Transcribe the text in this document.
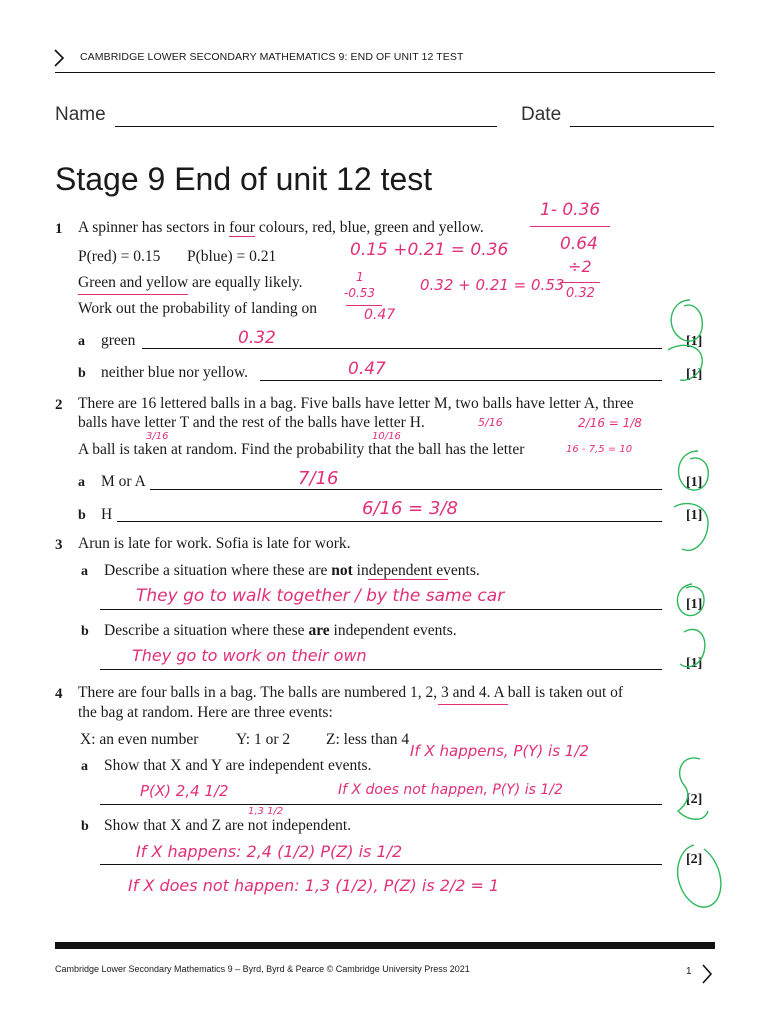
CAMBRIDGE LOWER SECONDARY MATHEMATICS 9: END OF UNIT 12 TEST
Name	Date
Stage 9 End of unit 12 test
1 A spinner has sectors in four colours, red, blue, green and yellow.
P(red) = 0.15 P(blue) = 0.21
Green and yellow are equally likely.
Work out the probability of landing on
a green	0.32	[1]
b neither blue nor yellow.	0.47	[1]
1- 0.36
0.15 +0.21 = 0.36	0.64
÷2
0.32
0.32 + 0.21 = 0.53
1
-0.53
0.47
2 There are 16 lettered balls in a bag. Five balls have letter M, two balls have letter A, three
balls have letter T and the rest of the balls have letter H.
A ball is taken at random. Find the probability that the ball has the letter
a M or A	7/16	[1]
b H	6/16 = 3/8	[1]
5/16	2/16 = 1/8
3/16	10/16
16 - 7,5 = 10
3 Arun is late for work. Sofia is late for work.
a Describe a situation where these are not independent events.
They go to walk together / by the same car	[1]
b Describe a situation where these are independent events.
They go to work on their own	[1]
4 There are four balls in a bag. The balls are numbered 1, 2, 3 and 4. A ball is taken out of
the bag at random. Here are three events:
X: an even number Y: 1 or 2 Z: less than 4
a Show that X and Y are independent events.
If X happens, P(Y) is 1/2
P(X) 2,4 1/2	If X does not happen, P(Y) is 1/2
1,3 1/2
[2]
b Show that X and Z are not independent.
If X happens: 2,4 (1/2) P(Z) is 1/2
If X does not happen: 1,3 (1/2), P(Z) is 2/2 = 1
[2]
Cambridge Lower Secondary Mathematics 9 – Byrd, Byrd & Pearce © Cambridge University Press 2021	1
